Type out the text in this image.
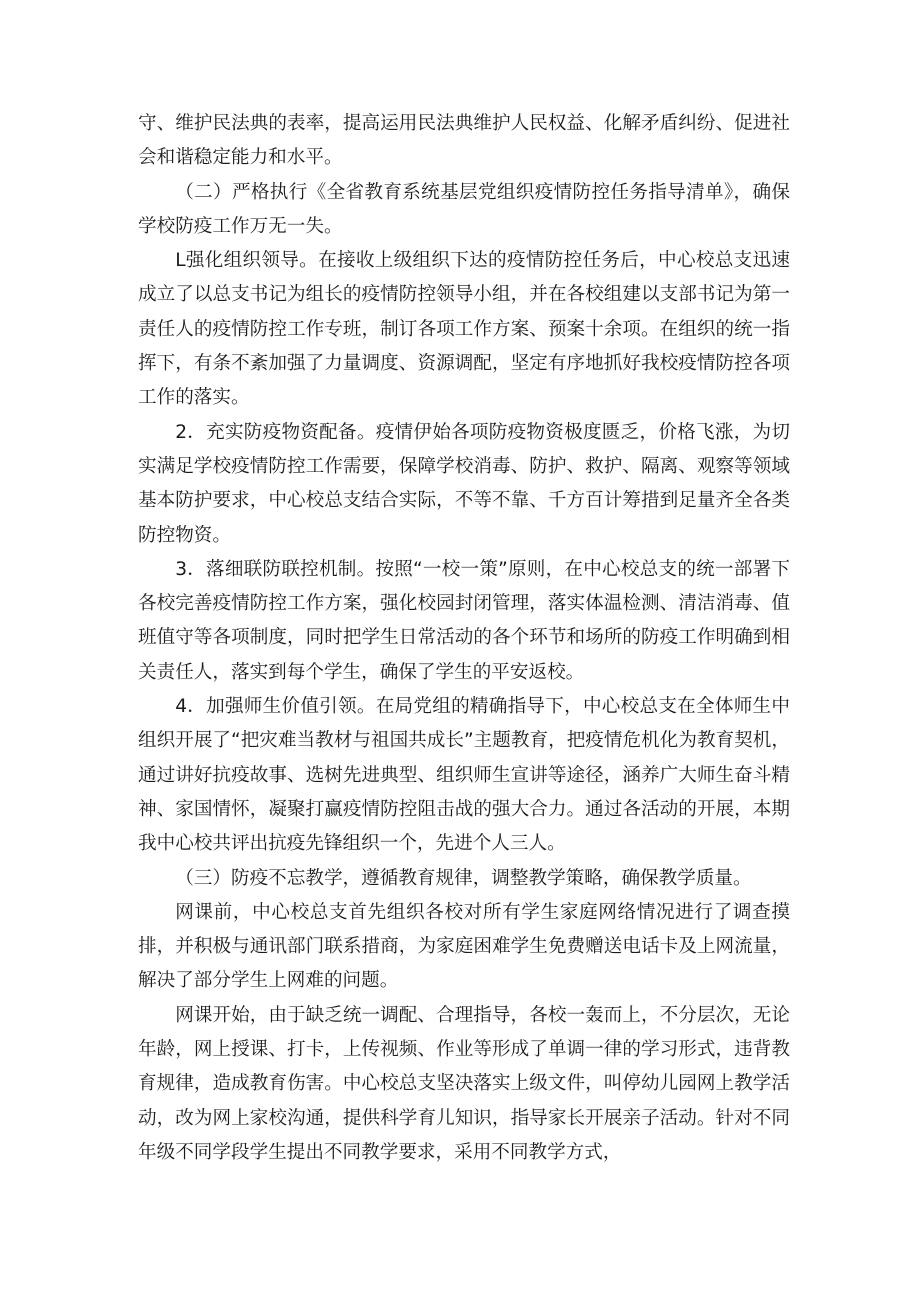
守、维护民法典的表率，提高运用民法典维护人民权益、化解矛盾纠纷、促进社会和谐稳定能力和水平。

（二）严格执行《全省教育系统基层党组织疫情防控任务指导清单》，确保学校防疫工作万无一失。

L强化组织领导。在接收上级组织下达的疫情防控任务后，中心校总支迅速成立了以总支书记为组长的疫情防控领导小组，并在各校组建以支部书记为第一责任人的疫情防控工作专班，制订各项工作方案、预案十余项。在组织的统一指挥下，有条不紊加强了力量调度、资源调配，坚定有序地抓好我校疫情防控各项工作的落实。

2．充实防疫物资配备。疫情伊始各项防疫物资极度匮乏，价格飞涨，为切实满足学校疫情防控工作需要，保障学校消毒、防护、救护、隔离、观察等领域基本防护要求，中心校总支结合实际，不等不靠、千方百计筹措到足量齐全各类防控物资。

3．落细联防联控机制。按照“一校一策”原则，在中心校总支的统一部署下各校完善疫情防控工作方案，强化校园封闭管理，落实体温检测、清洁消毒、值班值守等各项制度，同时把学生日常活动的各个环节和场所的防疫工作明确到相关责任人，落实到每个学生，确保了学生的平安返校。

4．加强师生价值引领。在局党组的精确指导下，中心校总支在全体师生中组织开展了“把灾难当教材与祖国共成长”主题教育，把疫情危机化为教育契机，通过讲好抗疫故事、选树先进典型、组织师生宣讲等途径，涵养广大师生奋斗精神、家国情怀，凝聚打赢疫情防控阻击战的强大合力。通过各活动的开展，本期我中心校共评出抗疫先锋组织一个，先进个人三人。

（三）防疫不忘教学，遵循教育规律，调整教学策略，确保教学质量。

网课前，中心校总支首先组织各校对所有学生家庭网络情况进行了调查摸排，并积极与通讯部门联系措商，为家庭困难学生免费赠送电话卡及上网流量，解决了部分学生上网难的问题。

网课开始，由于缺乏统一调配、合理指导，各校一轰而上，不分层次，无论年龄，网上授课、打卡，上传视频、作业等形成了单调一律的学习形式，违背教育规律，造成教育伤害。中心校总支坚决落实上级文件，叫停幼儿园网上教学活动，改为网上家校沟通，提供科学育儿知识，指导家长开展亲子活动。针对不同年级不同学段学生提出不同教学要求，采用不同教学方式，
